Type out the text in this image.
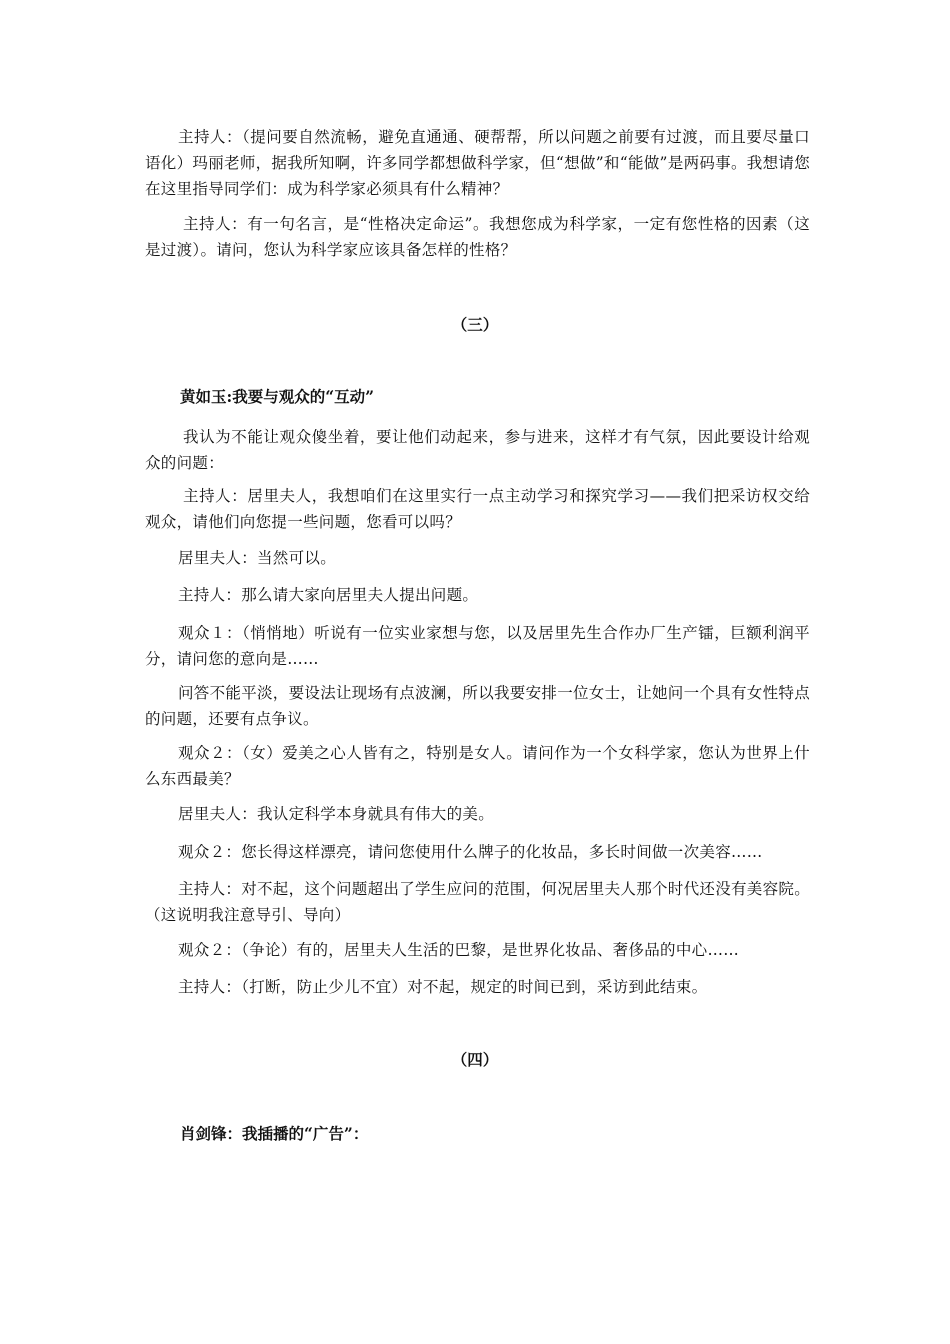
主持人：（提问要自然流畅，避免直通通、硬帮帮，所以问题之前要有过渡，而且要尽量口语化）玛丽老师，据我所知啊，许多同学都想做科学家，但“想做”和“能做”是两码事。我想请您在这里指导同学们：成为科学家必须具有什么精神？

主持人：有一句名言，是“性格决定命运”。我想您成为科学家，一定有您性格的因素（这是过渡）。请问，您认为科学家应该具备怎样的性格？

（三）

黄如玉:我要与观众的“互动”

我认为不能让观众傻坐着，要让他们动起来，参与进来，这样才有气氛，因此要设计给观众的问题：

主持人：居里夫人，我想咱们在这里实行一点主动学习和探究学习——我们把采访权交给观众，请他们向您提一些问题，您看可以吗？

居里夫人：当然可以。

主持人：那么请大家向居里夫人提出问题。

观众１：（悄悄地）听说有一位实业家想与您，以及居里先生合作办厂生产镭，巨额利润平分，请问您的意向是……

问答不能平淡，要设法让现场有点波澜，所以我要安排一位女士，让她问一个具有女性特点的问题，还要有点争议。

观众２：（女）爱美之心人皆有之，特别是女人。请问作为一个女科学家，您认为世界上什么东西最美？

居里夫人：我认定科学本身就具有伟大的美。

观众２：您长得这样漂亮，请问您使用什么牌子的化妆品，多长时间做一次美容……

主持人：对不起，这个问题超出了学生应问的范围，何况居里夫人那个时代还没有美容院。（这说明我注意导引、导向）

观众２：（争论）有的，居里夫人生活的巴黎，是世界化妆品、奢侈品的中心……

主持人：（打断，防止少儿不宜）对不起，规定的时间已到，采访到此结束。

（四）

肖剑锋：我插播的“广告”：
